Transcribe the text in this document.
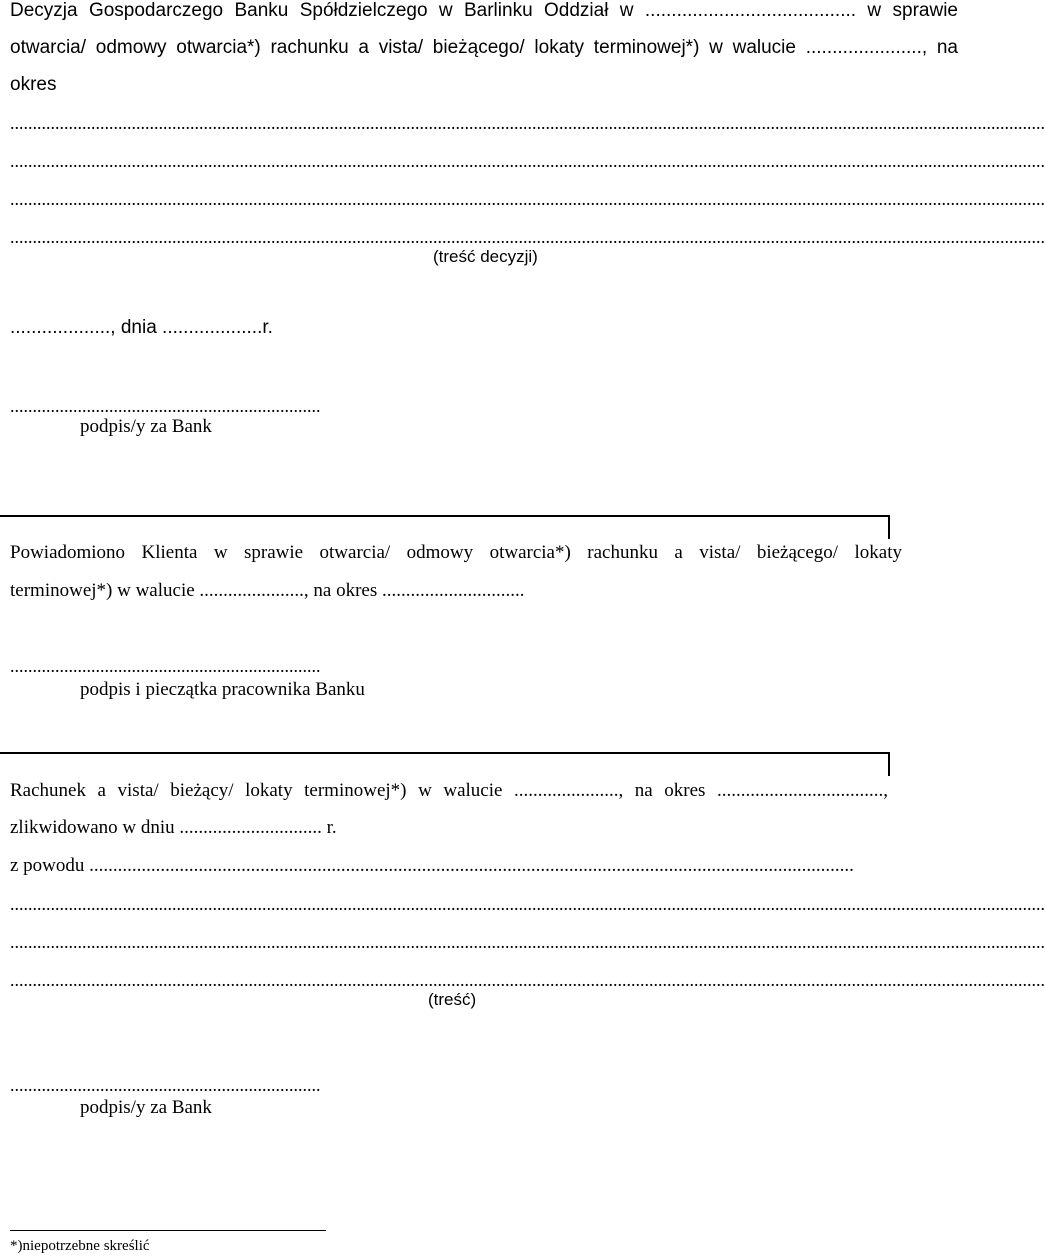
Decyzja Gospodarczego Banku Spółdzielczego w Barlinku Oddział w ........................................ w sprawie
otwarcia/ odmowy otwarcia*) rachunku a vista/ bieżącego/ lokaty terminowej*) w walucie ......................, na
okres
......................................................................................................................................................................................................................................
......................................................................................................................................................................................................................................
......................................................................................................................................................................................................................................
......................................................................................................................................................................................................................................
(treść decyzji)
..................., dnia ...................r.
.....................................................................
podpis/y za Bank
Powiadomiono Klienta w sprawie otwarcia/ odmowy otwarcia*) rachunku a vista/ bieżącego/ lokaty
terminowej*) w walucie ......................, na okres ..............................
.....................................................................
podpis i pieczątka pracownika Banku
Rachunek a vista/ bieżący/ lokaty terminowej*) w walucie ......................, na okres ...................................,
zlikwidowano w dniu .............................. r.
z powodu .................................................................................................................................................................
......................................................................................................................................................................................................................................
......................................................................................................................................................................................................................................
......................................................................................................................................................................................................................................
(treść)
.....................................................................
podpis/y za Bank
*)niepotrzebne skreślić
